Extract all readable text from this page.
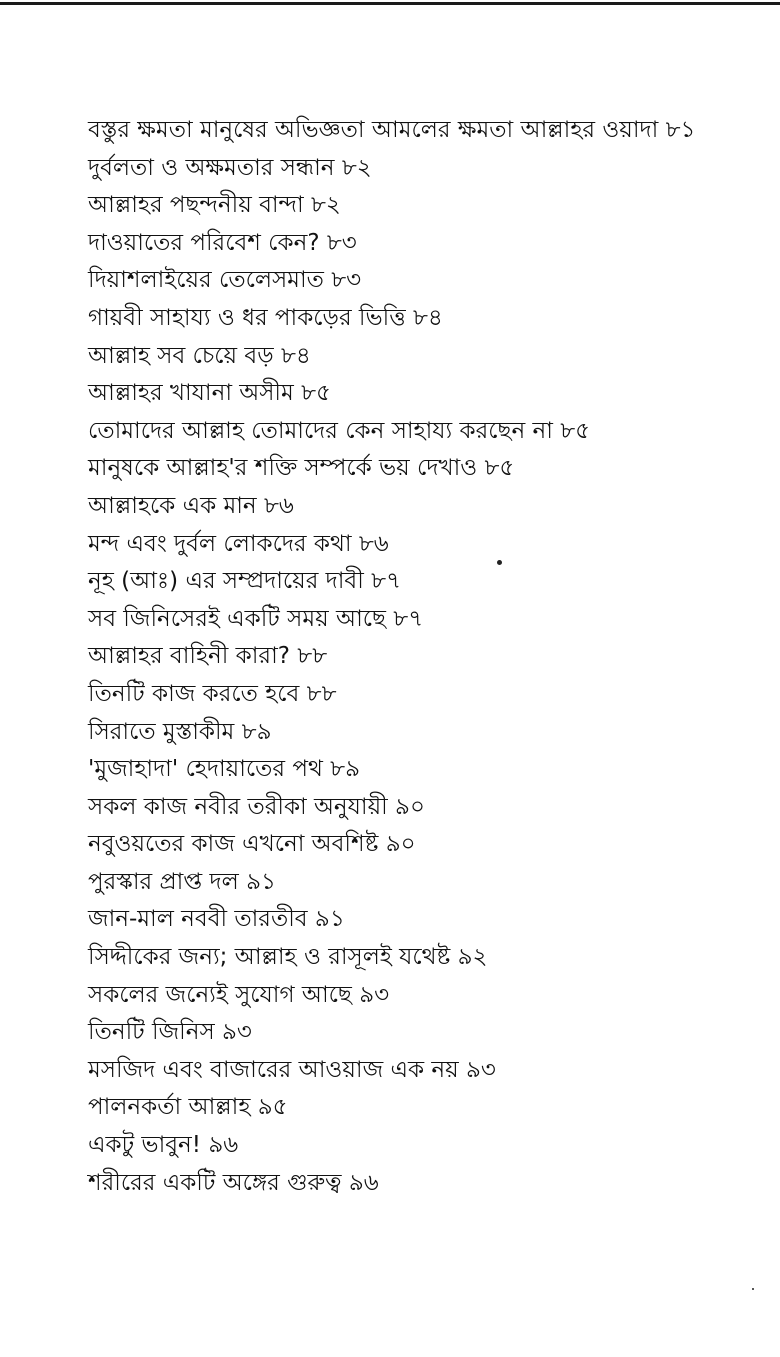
বস্তুর ক্ষমতা মানুষের অভিজ্ঞতা আমলের ক্ষমতা আল্লাহর ওয়াদা ৮১
দুর্বলতা ও অক্ষমতার সন্ধান ৮২
আল্লাহর পছন্দনীয় বান্দা ৮২
দাওয়াতের পরিবেশ কেন? ৮৩
দিয়াশলাইয়ের তেলেসমাত ৮৩
গায়বী সাহায্য ও ধর পাকড়ের ভিত্তি ৮৪
আল্লাহ সব চেয়ে বড় ৮৪
আল্লাহর খাযানা অসীম ৮৫
তোমাদের আল্লাহ তোমাদের কেন সাহায্য করছেন না ৮৫
মানুষকে আল্লাহ'র শক্তি সম্পর্কে ভয় দেখাও ৮৫
আল্লাহকে এক মান ৮৬
মন্দ এবং দুর্বল লোকদের কথা ৮৬
নূহ (আঃ) এর সম্প্রদায়ের দাবী ৮৭
সব জিনিসেরই একটি সময় আছে ৮৭
আল্লাহর বাহিনী কারা? ৮৮
তিনটি কাজ করতে হবে ৮৮
সিরাতে মুস্তাকীম ৮৯
'মুজাহাদা' হেদায়াতের পথ ৮৯
সকল কাজ নবীর তরীকা অনুযায়ী ৯০
নবুওয়তের কাজ এখনো অবশিষ্ট ৯০
পুরস্কার প্রাপ্ত দল ৯১
জান-মাল নববী তারতীব ৯১
সিদ্দীকের জন্য; আল্লাহ ও রাসূলই যথেষ্ট ৯২
সকলের জন্যেই সুযোগ আছে ৯৩
তিনটি জিনিস ৯৩
মসজিদ এবং বাজারের আওয়াজ এক নয় ৯৩
পালনকর্তা আল্লাহ ৯৫
একটু ভাবুন! ৯৬
শরীরের একটি অঙ্গের গুরুত্ব ৯৬
